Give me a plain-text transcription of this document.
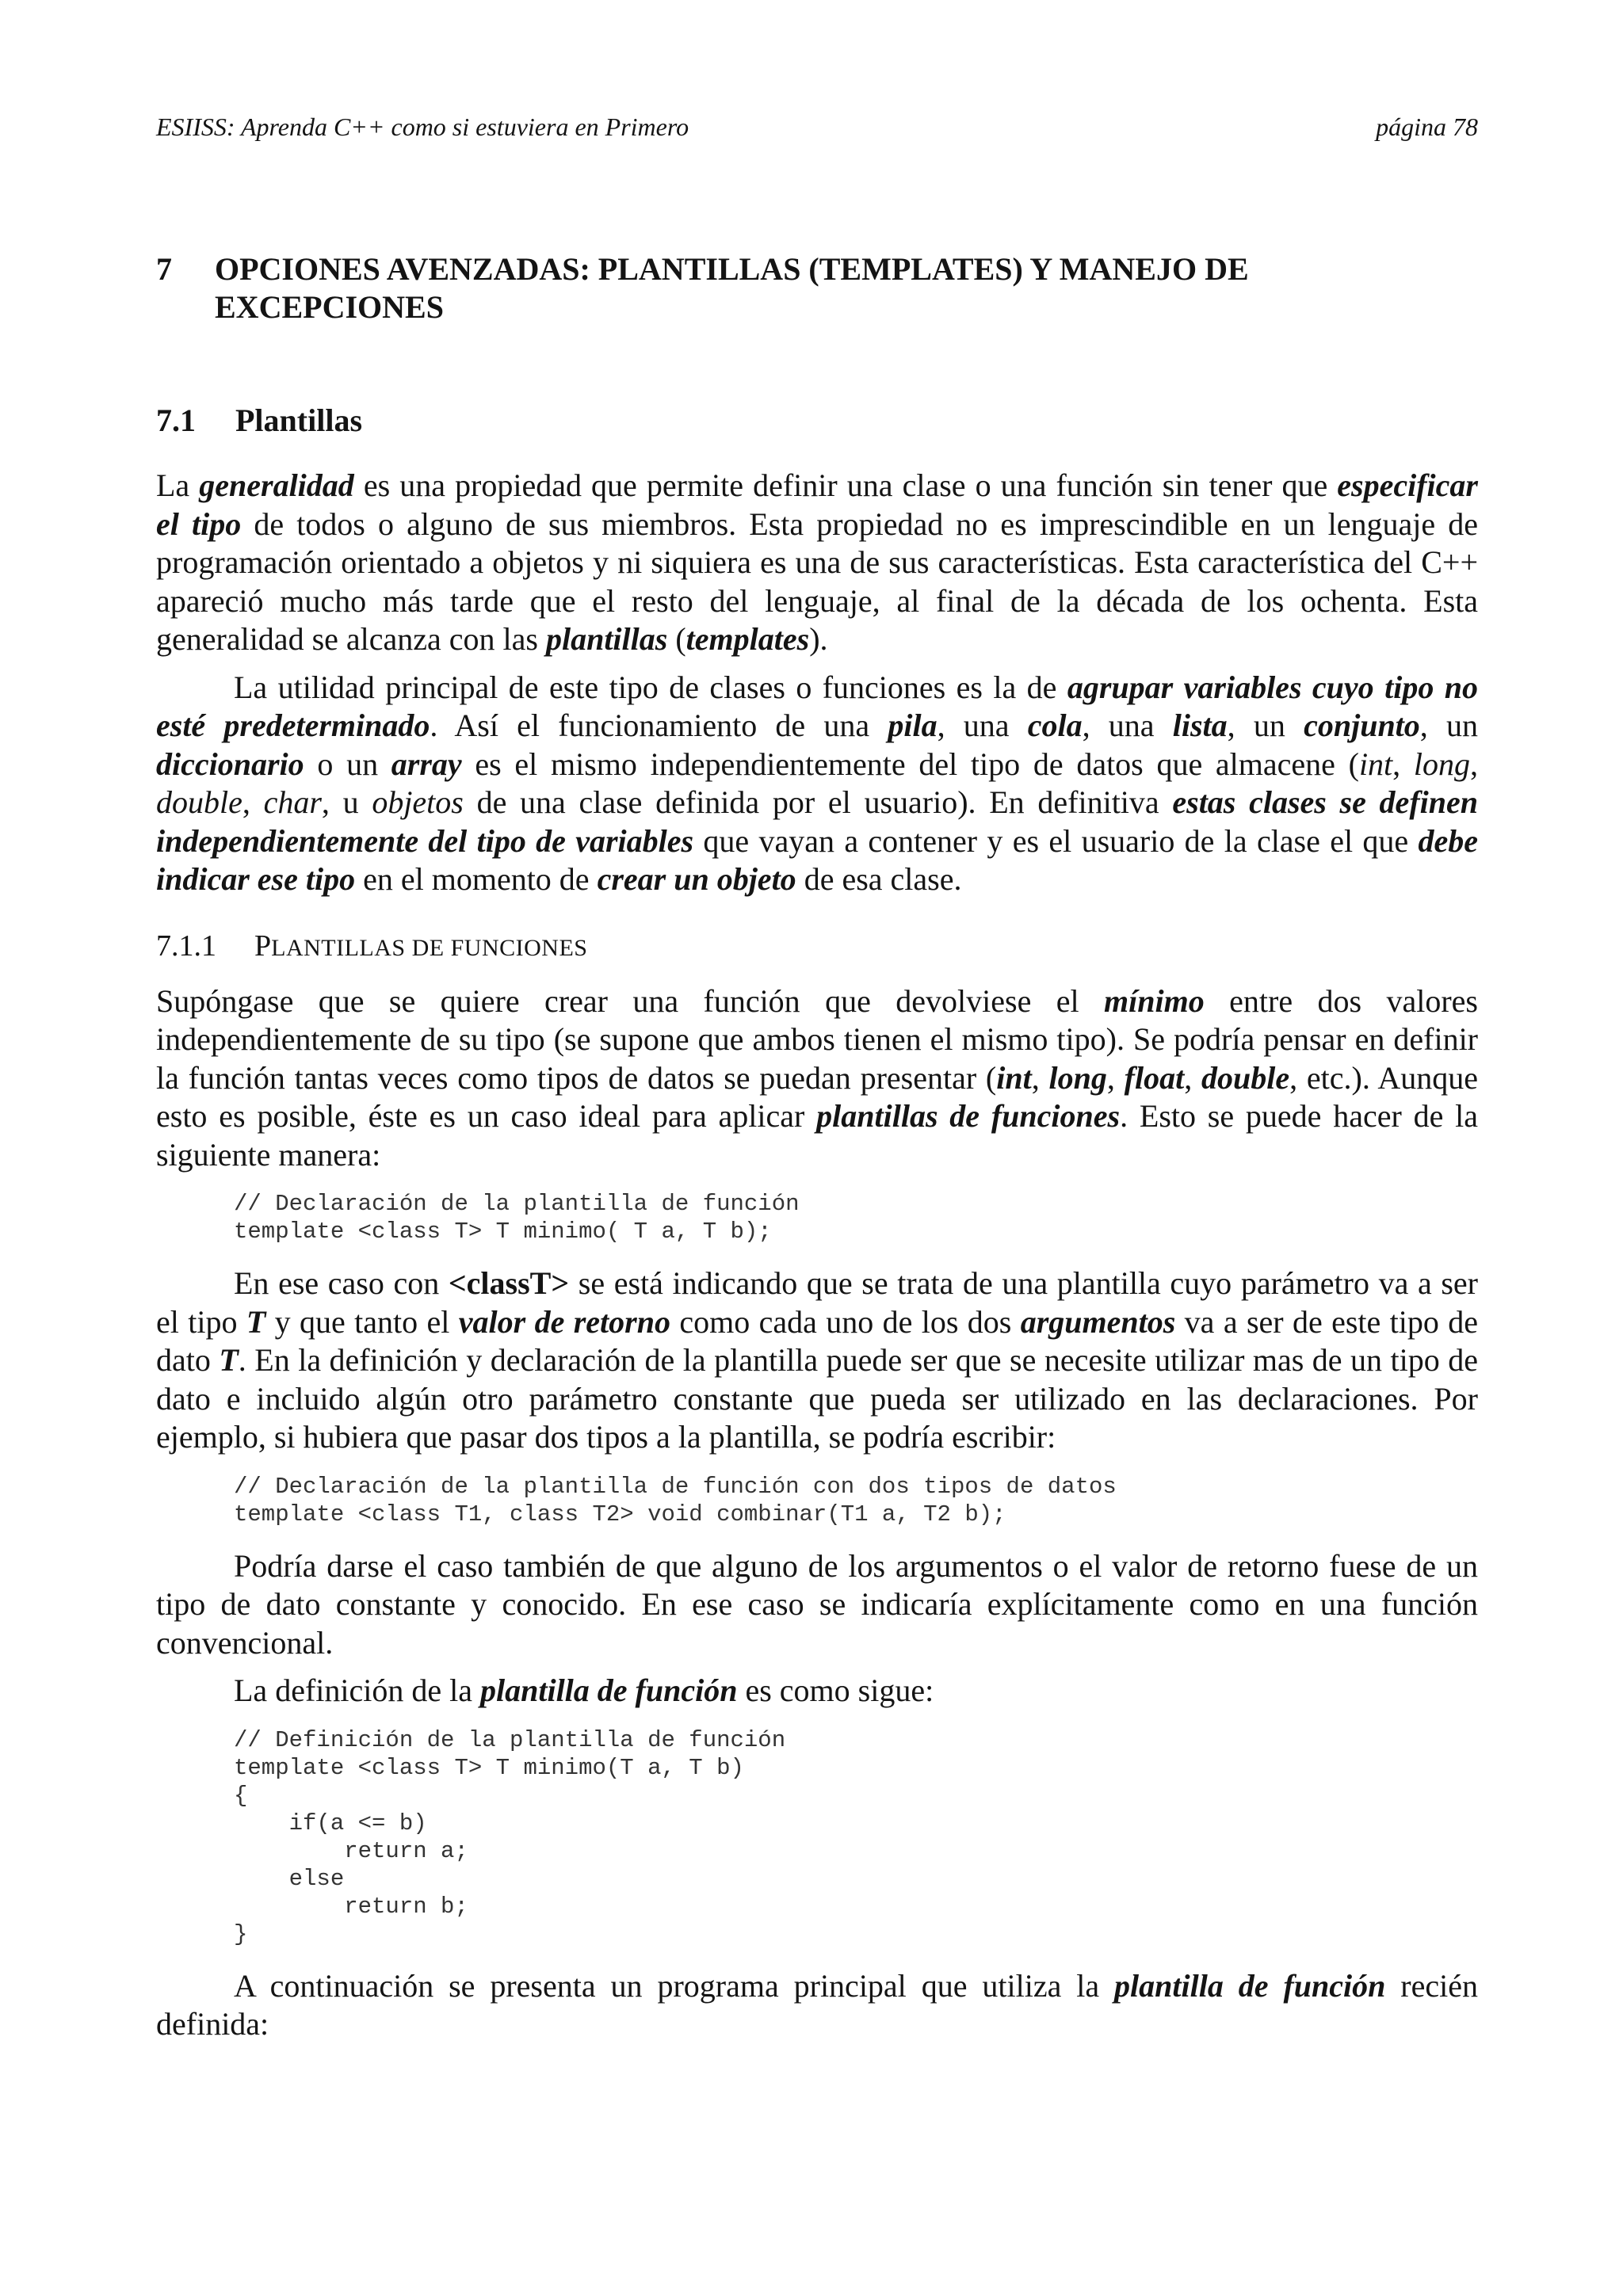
ESIISS: Aprenda C++ como si estuviera en Primero	página 78
7	OPCIONES AVENZADAS: PLANTILLAS (TEMPLATES) Y MANEJO DE
EXCEPCIONES
7.1	Plantillas

La generalidad es una propiedad que permite definir una clase o una función sin tener que especificar el tipo de todos o alguno de sus miembros. Esta propiedad no es imprescindible en un lenguaje de programación orientado a objetos y ni siquiera es una de sus características. Esta característica del C++ apareció mucho más tarde que el resto del lenguaje, al final de la década de los ochenta. Esta generalidad se alcanza con las plantillas (templates).

La utilidad principal de este tipo de clases o funciones es la de agrupar variables cuyo tipo no esté predeterminado. Así el funcionamiento de una pila, una cola, una lista, un conjunto, un diccionario o un array es el mismo independientemente del tipo de datos que almacene (int, long, double, char, u objetos de una clase definida por el usuario). En definitiva estas clases se definen independientemente del tipo de variables que vayan a contener y es el usuario de la clase el que debe indicar ese tipo en el momento de crear un objeto de esa clase.

7.1.1	PLANTILLAS DE FUNCIONES

Supóngase que se quiere crear una función que devolviese el mínimo entre dos valores independientemente de su tipo (se supone que ambos tienen el mismo tipo). Se podría pensar en definir la función tantas veces como tipos de datos se puedan presentar (int, long, float, double, etc.). Aunque esto es posible, éste es un caso ideal para aplicar plantillas de funciones. Esto se puede hacer de la siguiente manera:

// Declaración de la plantilla de función
template <class T> T minimo( T a, T b);

En ese caso con <classT> se está indicando que se trata de una plantilla cuyo parámetro va a ser el tipo T y que tanto el valor de retorno como cada uno de los dos argumentos va a ser de este tipo de dato T. En la definición y declaración de la plantilla puede ser que se necesite utilizar mas de un tipo de dato e incluido algún otro parámetro constante que pueda ser utilizado en las declaraciones. Por ejemplo, si hubiera que pasar dos tipos a la plantilla, se podría escribir:

// Declaración de la plantilla de función con dos tipos de datos
template <class T1, class T2> void combinar(T1 a, T2 b);

Podría darse el caso también de que alguno de los argumentos o el valor de retorno fuese de un tipo de dato constante y conocido. En ese caso se indicaría explícitamente como en una función convencional.

La definición de la plantilla de función es como sigue:

// Definición de la plantilla de función
template <class T> T minimo(T a, T b)
{
if(a <= b)
return a;
else
return b;
}

A continuación se presenta un programa principal que utiliza la plantilla de función recién definida:
